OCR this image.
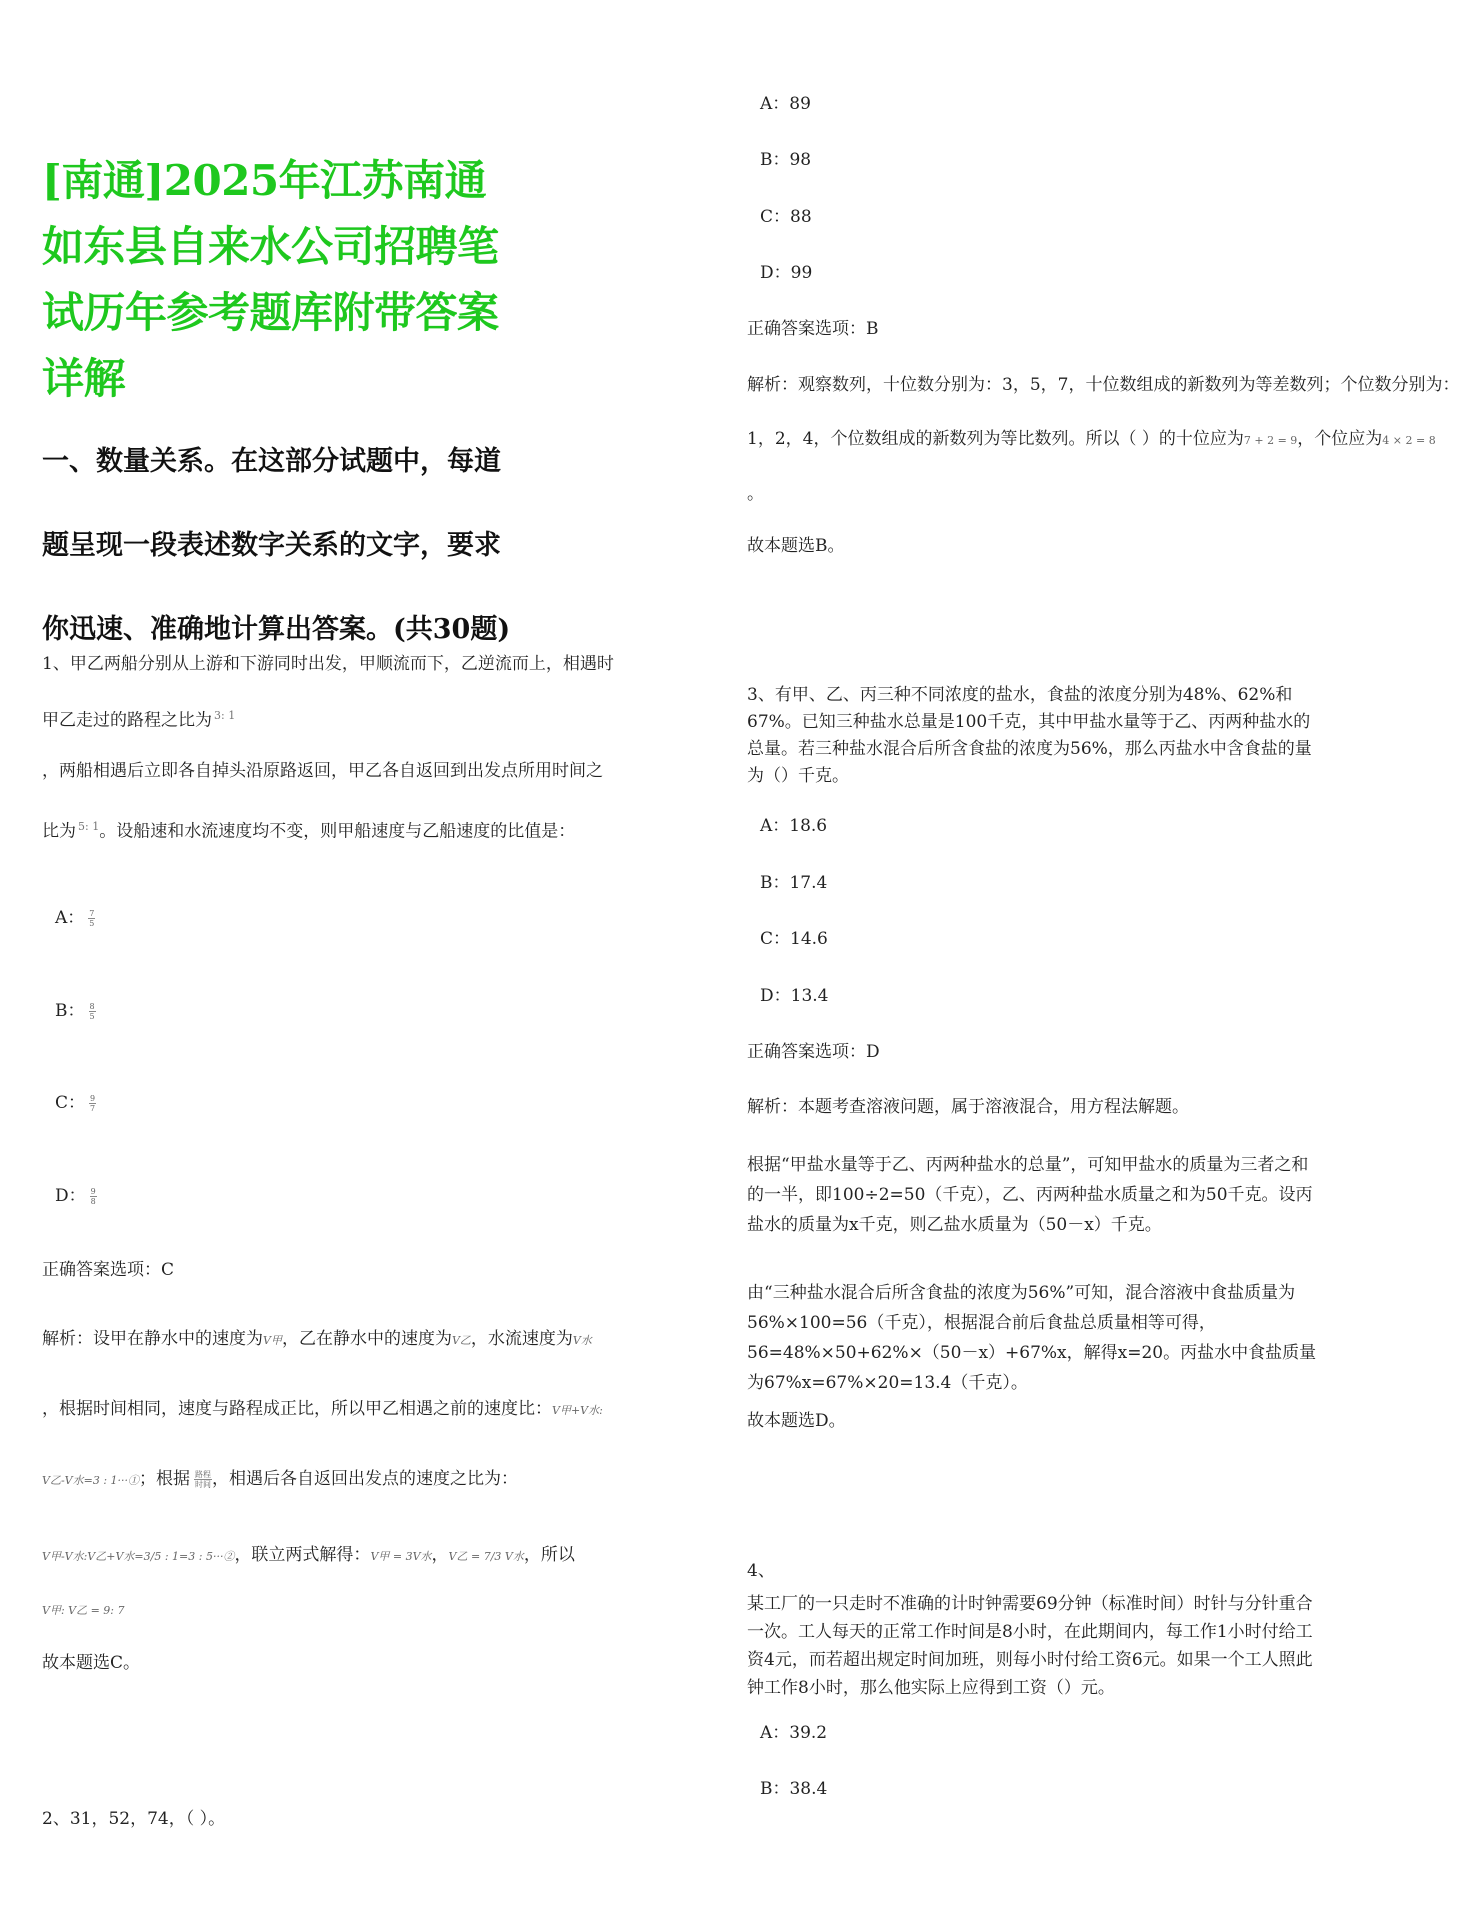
[南通]2025年江苏南通如东县自来水公司招聘笔试历年参考题库附带答案详解
一、数量关系。在这部分试题中，每道题呈现一段表述数字关系的文字，要求你迅速、准确地计算出答案。(共30题)
1、甲乙两船分别从上游和下游同时出发，甲顺流而下，乙逆流而上，相遇时
甲乙走过的路程之比为 $^{3: 1}$
，两船相遇后立即各自掉头沿原路返回，甲乙各自返回到出发点所用时间之
比为 $^{5: 1}$。设船速和水流速度均不变，则甲船速度与乙船速度的比值是：
A： $\frac{7}{5}$
B： $\frac{8}{5}$
C： $\frac{9}{7}$
D： $\frac{9}{8}$
正确答案选项：C
解析：设甲在静水中的速度为V甲，乙在静水中的速度为V乙，水流速度为V水
，根据时间相同，速度与路程成正比，所以甲乙相遇之前的速度比：V甲+V水:
V乙-V水=3 : 1···①；根据 $\frac{\text{路程}}{\text{时间}}$ ，相遇后各自返回出发点的速度之比为：
V甲-V水:V乙+V水=3/5 : 1=3 : 5···②，联立两式解得：V甲 = 3V水，V乙 = 7/3 V水，所以
V甲: V乙 = 9: 7
故本题选C。
2、31，52，74，（ ）。
A：89
B：98
C：88
D：99
正确答案选项：B
解析：观察数列，十位数分别为：3，5，7，十位数组成的新数列为等差数列；个位数分别为：
1，2，4，个位数组成的新数列为等比数列。所以（ ）的十位应为7 + 2 = 9，个位应为4 × 2 = 8
。
故本题选B。
3、有甲、乙、丙三种不同浓度的盐水，食盐的浓度分别为48%、62%和67%。已知三种盐水总量是100千克，其中甲盐水量等于乙、丙两种盐水的总量。若三种盐水混合后所含食盐的浓度为56%，那么丙盐水中含食盐的量为（）千克。
A：18.6
B：17.4
C：14.6
D：13.4
正确答案选项：D
解析：本题考查溶液问题，属于溶液混合，用方程法解题。
根据“甲盐水量等于乙、丙两种盐水的总量”，可知甲盐水的质量为三者之和的一半，即100÷2=50（千克），乙、丙两种盐水质量之和为50千克。设丙盐水的质量为x千克，则乙盐水质量为（50－x）千克。
由“三种盐水混合后所含食盐的浓度为56%”可知，混合溶液中食盐质量为56%×100=56（千克），根据混合前后食盐总质量相等可得，56=48%×50+62%×（50－x）+67%x，解得x=20。丙盐水中食盐质量为67%x=67%×20=13.4（千克）。
故本题选D。
4、
某工厂的一只走时不准确的计时钟需要69分钟（标准时间）时针与分针重合一次。工人每天的正常工作时间是8小时，在此期间内，每工作1小时付给工资4元，而若超出规定时间加班，则每小时付给工资6元。如果一个工人照此钟工作8小时，那么他实际上应得到工资（）元。
A：39.2
B：38.4
